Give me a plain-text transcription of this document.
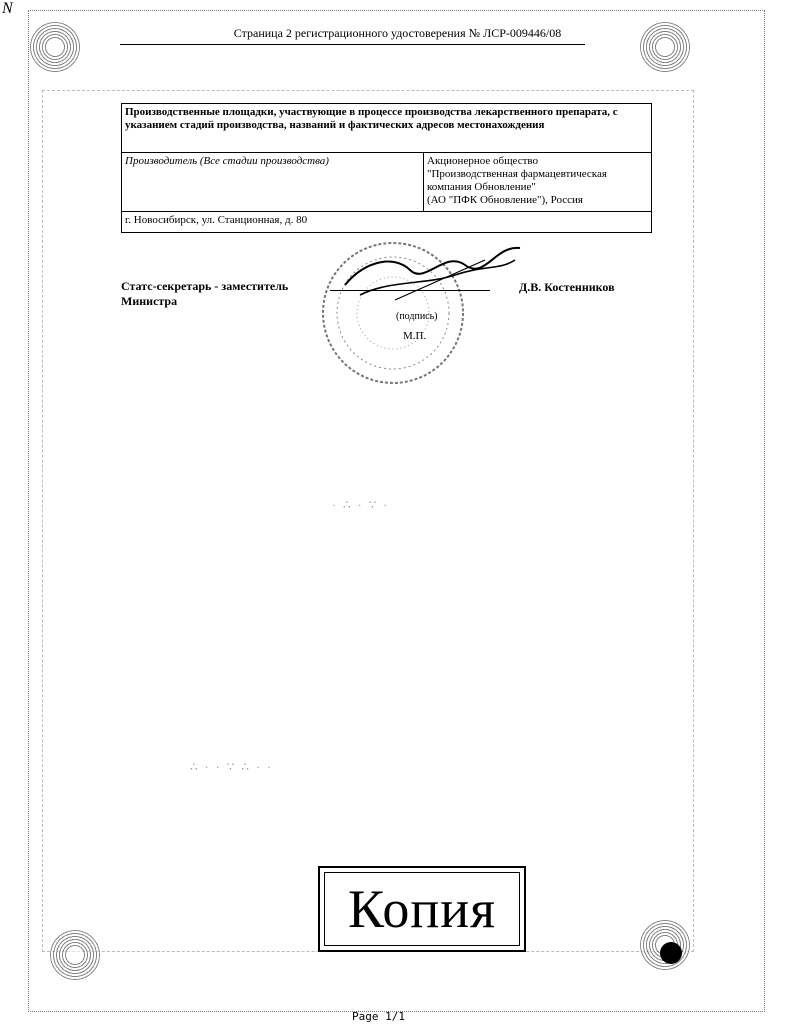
N
Страница 2 регистрационного удостоверения № ЛСР-009446/08
Производственные площадки, участвующие в процессе производства лекарственного препарата, с указанием стадий производства, названий и фактических адресов местонахождения
Производитель (Все стадии производства)	Акционерное общество
"Производственная фармацевтическая компания Обновление"
(АО "ПФК Обновление"), Россия

г. Новосибирск, ул. Станционная, д. 80
Статс-секретарь - заместитель
Министра
(подпись)
М.П.
Д.В. Костенников
· ∴ · ∵ ·
∴ · · ∵ ∴ · ·
Копия
Page 1/1
